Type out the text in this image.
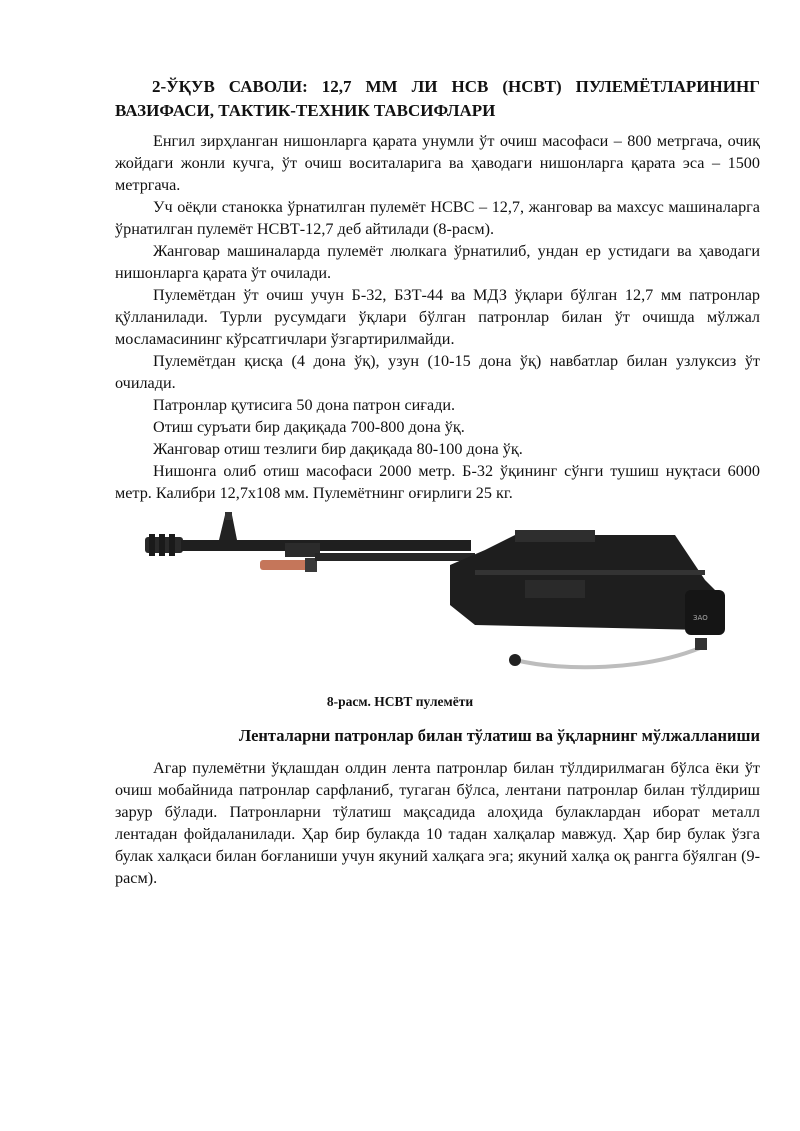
2-ЎҚУВ САВОЛИ: 12,7 ММ ЛИ НСВ (НСВТ) ПУЛЕМЁТЛАРИНИНГ ВАЗИФАСИ, ТАКТИК-ТЕХНИК ТАВСИФЛАРИ

Енгил зирҳланган нишонларга қарата унумли ўт очиш масофаси – 800 метргача, очиқ жойдаги жонли кучга, ўт очиш воситаларига ва ҳаводаги нишонларга қарата эса – 1500 метргача.

Уч оёқли станокка ўрнатилган пулемёт НСВС – 12,7, жанговар ва махсус машиналарга ўрнатилган пулемёт НСВТ-12,7 деб айтилади (8-расм).

Жанговар машиналарда пулемёт люлкага ўрнатилиб, ундан ер устидаги ва ҳаводаги нишонларга қарата ўт очилади.

Пулемётдан ўт очиш учун Б-32, БЗТ-44 ва МДЗ ўқлари бўлган 12,7 мм патронлар қўлланилади. Турли русумдаги ўқлари бўлган патронлар билан ўт очишда мўлжал мосламасининг кўрсатгичлари ўзгартирилмайди.

Пулемётдан қисқа (4 дона ўқ), узун (10-15 дона ўқ) навбатлар билан узлуксиз ўт очилади.

Патронлар қутисига 50 дона патрон сиғади.

Отиш суръати бир дақиқада 700-800 дона ўқ.

Жанговар отиш тезлиги бир дақиқада 80-100 дона ўқ.

Нишонга олиб отиш масофаси 2000 метр. Б-32 ўқининг сўнги тушиш нуқтаси 6000 метр. Калибри 12,7х108 мм. Пулемётнинг оғирлиги 25 кг.

ЗАО
8-расм. НСВТ пулемёти
Ленталарни патронлар билан тўлатиш ва ўқларнинг мўлжалланиши

Агар пулемётни ўқлашдан олдин лента патронлар билан тўлдирилмаган бўлса ёки ўт очиш мобайнида патронлар сарфланиб, тугаган бўлса, лентани патронлар билан тўлдириш зарур бўлади. Патронларни тўлатиш мақсадида алоҳида булаклардан иборат металл лентадан фойдаланилади. Ҳар бир булакда 10 тадан халқалар мавжуд. Ҳар бир булак ўзга булак халқаси билан боғланиши учун якуний халқага эга; якуний халқа оқ рангга бўялган (9-расм).
